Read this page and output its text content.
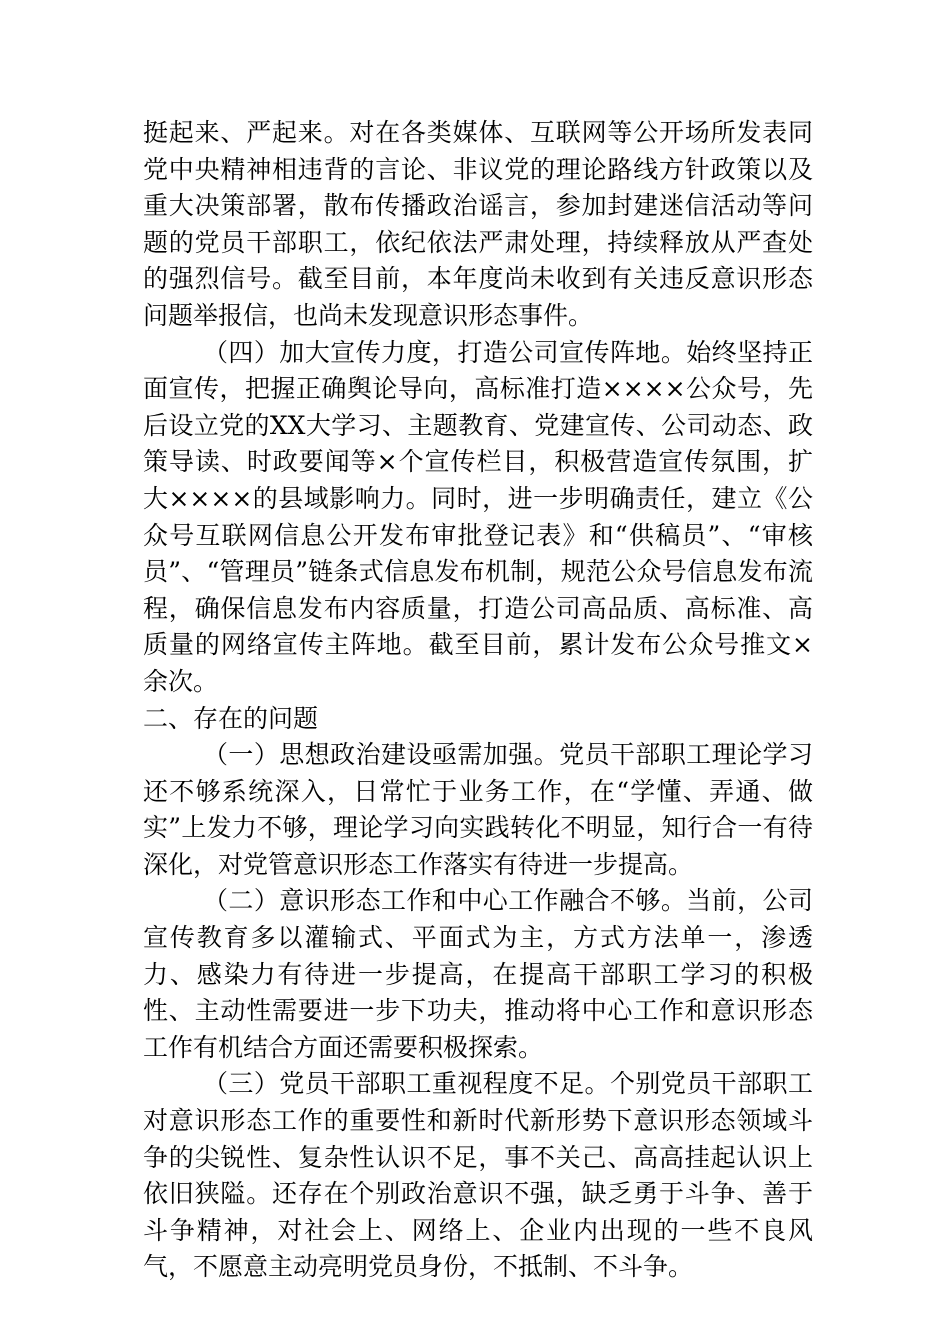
挺起来、严起来。对在各类媒体、互联网等公开场所发表同党中央精神相违背的言论、非议党的理论路线方针政策以及重大决策部署，散布传播政治谣言，参加封建迷信活动等问题的党员干部职工，依纪依法严肃处理，持续释放从严查处的强烈信号。截至目前，本年度尚未收到有关违反意识形态问题举报信，也尚未发现意识形态事件。

（四）加大宣传力度，打造公司宣传阵地。始终坚持正面宣传，把握正确舆论导向，高标准打造××××公众号，先后设立党的XX大学习、主题教育、党建宣传、公司动态、政策导读、时政要闻等×个宣传栏目，积极营造宣传氛围，扩大××××的县域影响力。同时，进一步明确责任，建立《公众号互联网信息公开发布审批登记表》和“供稿员”、“审核员”、“管理员”链条式信息发布机制，规范公众号信息发布流程，确保信息发布内容质量，打造公司高品质、高标准、高质量的网络宣传主阵地。截至目前，累计发布公众号推文×余次。

二、存在的问题

（一）思想政治建设亟需加强。党员干部职工理论学习还不够系统深入，日常忙于业务工作，在“学懂、弄通、做实”上发力不够，理论学习向实践转化不明显，知行合一有待深化，对党管意识形态工作落实有待进一步提高。

（二）意识形态工作和中心工作融合不够。当前，公司宣传教育多以灌输式、平面式为主，方式方法单一，渗透力、感染力有待进一步提高，在提高干部职工学习的积极性、主动性需要进一步下功夫，推动将中心工作和意识形态工作有机结合方面还需要积极探索。

（三）党员干部职工重视程度不足。个别党员干部职工对意识形态工作的重要性和新时代新形势下意识形态领域斗争的尖锐性、复杂性认识不足，事不关己、高高挂起认识上依旧狭隘。还存在个别政治意识不强，缺乏勇于斗争、善于斗争精神，对社会上、网络上、企业内出现的一些不良风气，不愿意主动亮明党员身份，不抵制、不斗争。
